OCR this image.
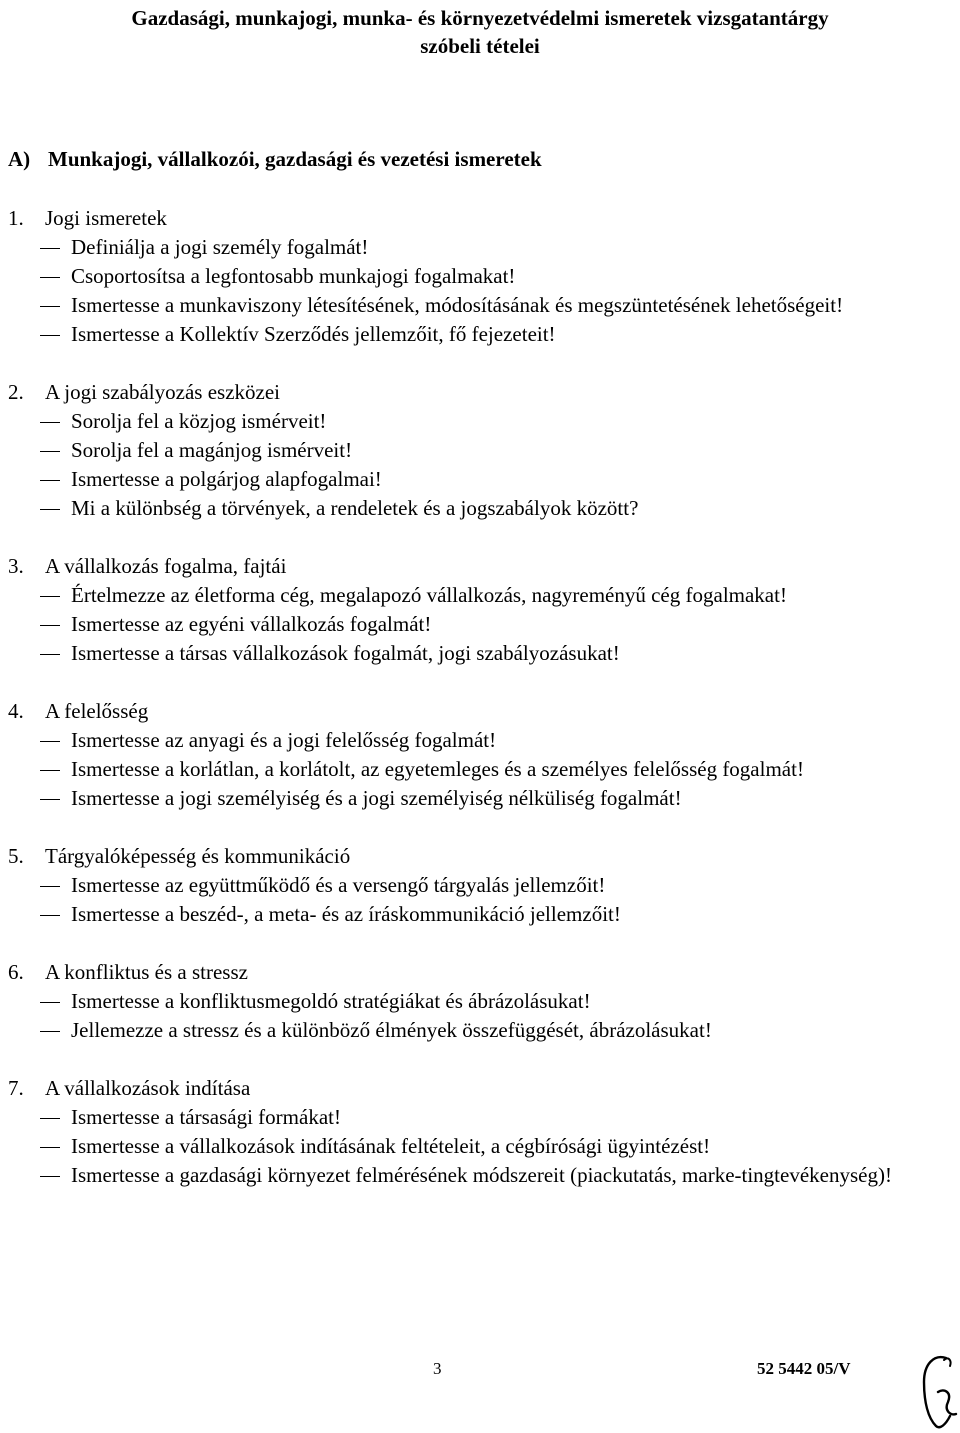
Gazdasági, munkajogi, munka- és környezetvédelmi ismeretek vizsgatantárgy
szóbeli tételei
A) Munkajogi, vállalkozói, gazdasági és vezetési ismeretek
1. Jogi ismeretek
Definiálja a jogi személy fogalmát!
Csoportosítsa a legfontosabb munkajogi fogalmakat!
Ismertesse a munkaviszony létesítésének, módosításának és megszüntetésének lehetőségeit!
Ismertesse a Kollektív Szerződés jellemzőit, fő fejezeteit!
2. A jogi szabályozás eszközei
Sorolja fel a közjog ismérveit!
Sorolja fel a magánjog ismérveit!
Ismertesse a polgárjog alapfogalmai!
Mi a különbség a törvények, a rendeletek és a jogszabályok között?
3. A vállalkozás fogalma, fajtái
Értelmezze az életforma cég, megalapozó vállalkozás, nagyreményű cég fogalmakat!
Ismertesse az egyéni vállalkozás fogalmát!
Ismertesse a társas vállalkozások fogalmát, jogi szabályozásukat!
4. A felelősség
Ismertesse az anyagi és a jogi felelősség fogalmát!
Ismertesse a korlátlan, a korlátolt, az egyetemleges és a személyes felelősség fogalmát!
Ismertesse a jogi személyiség és a jogi személyiség nélküliség fogalmát!
5. Tárgyalóképesség és kommunikáció
Ismertesse az együttműködő és a versengő tárgyalás jellemzőit!
Ismertesse a beszéd-, a meta- és az íráskommunikáció jellemzőit!
6. A konfliktus és a stressz
Ismertesse a konfliktusmegoldó stratégiákat és ábrázolásukat!
Jellemezze a stressz és a különböző élmények összefüggését, ábrázolásukat!
7. A vállalkozások indítása
Ismertesse a társasági formákat!
Ismertesse a vállalkozások indításának feltételeit, a cégbírósági ügyintézést!
Ismertesse a gazdasági környezet felmérésének módszereit (piackutatás, marke-tingtevékenység)!
3	52 5442 05/V
